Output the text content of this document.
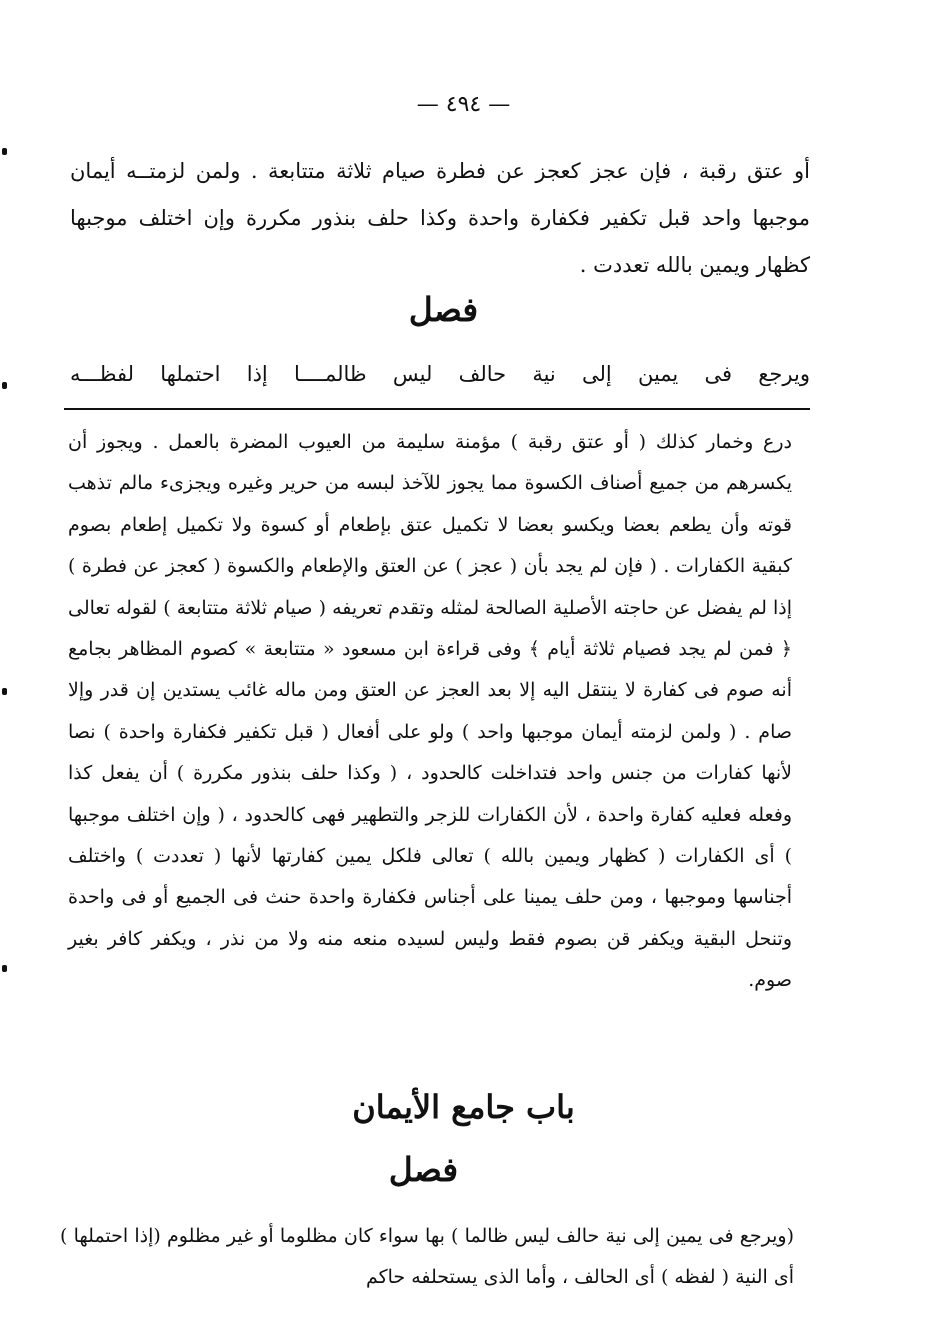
— ٤٩٤ —

أو عتق رقبة ، فإن عجز كعجز عن فطرة صيام ثلاثة متتابعة . ولمن لزمتــه أيمان موجبها واحد قبل تكفير فكفارة واحدة وكذا حلف بنذور مكررة وإن اختلف موجبها كظهار ويمين بالله تعددت .

فصل
ويرجع فى يمين إلى نية حالف ليس ظالمــــا إذا احتملها لفظـــه

درع وخمار كذلك ( أو عتق رقبة ) مؤمنة سليمة من العيوب المضرة بالعمل . ويجوز أن يكسرهم من جميع أصناف الكسوة مما يجوز للآخذ لبسه من حرير وغيره ويجزىء مالم تذهب قوته وأن يطعم بعضا ويكسو بعضا لا تكميل عتق بإطعام أو كسوة ولا تكميل إطعام بصوم كبقية الكفارات . ( فإن لم يجد بأن ( عجز ) عن العتق والإطعام والكسوة ( كعجز عن فطرة ) إذا لم يفضل عن حاجته الأصلية الصالحة لمثله وتقدم تعريفه ( صيام ثلاثة متتابعة ) لقوله تعالى ﴿ فمن لم يجد فصيام ثلاثة أيام ﴾ وفى قراءة ابن مسعود « متتابعة » كصوم المظاهر بجامع أنه صوم فى كفارة لا ينتقل اليه إلا بعد العجز عن العتق ومن ماله غائب يستدين إن قدر وإلا صام . ( ولمن لزمته أيمان موجبها واحد ) ولو على أفعال ( قبل تكفير فكفارة واحدة ) نصا لأنها كفارات من جنس واحد فتداخلت كالحدود ، ( وكذا حلف بنذور مكررة ) أن يفعل كذا وفعله فعليه كفارة واحدة ، لأن الكفارات للزجر والتطهير فهى كالحدود ، ( وإن اختلف موجبها ) أى الكفارات ( كظهار ويمين بالله ) تعالى فلكل يمين كفارتها لأنها ( تعددت ) واختلف أجناسها وموجبها ، ومن حلف يمينا على أجناس فكفارة واحدة حنث فى الجميع أو فى واحدة وتنحل البقية ويكفر قن بصوم فقط وليس لسيده منعه منه ولا من نذر ، ويكفر كافر بغير صوم.

باب جامع الأيمان
فصل

(ويرجع فى يمين إلى نية حالف ليس ظالما ) بها سواء كان مظلوما أو غير مظلوم (إذا احتملها ) أى النية ( لفظه ) أى الحالف ، وأما الذى يستحلفه حاكم
